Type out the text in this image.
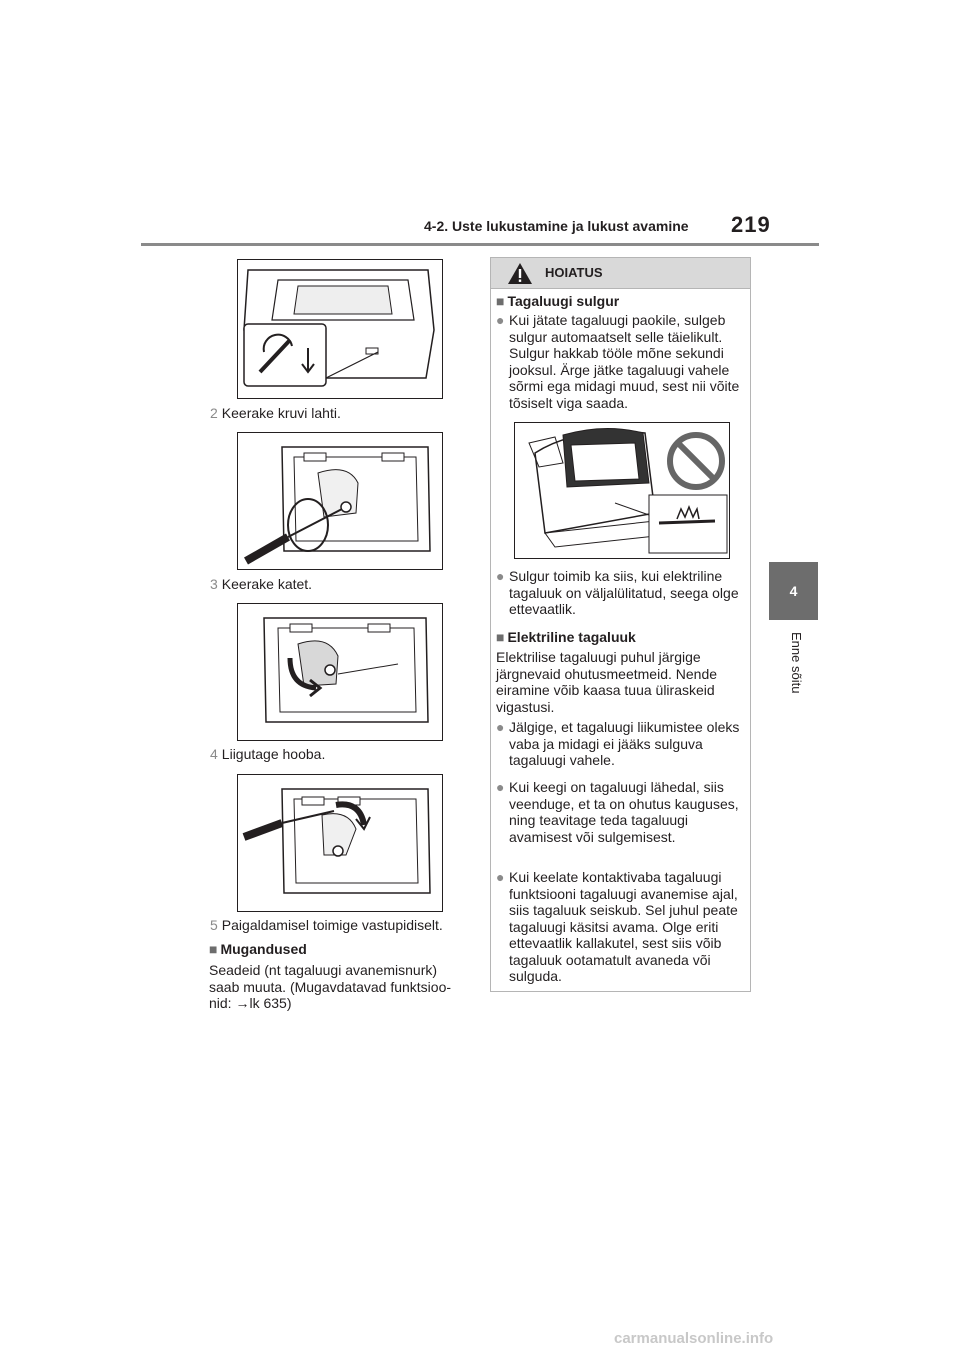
4-2. Uste lukustamine ja lukust avamine 219
4
Enne sõitu
2 Keerake kruvi lahti.
3 Keerake katet.
4 Liigutage hooba.
5 Paigaldamisel toimige vastupidiselt.
■ Mugandused
Seadeid (nt tagaluugi avanemisnurk) saab muuta. (Mugavdatavad funktsioo-nid: →lk 635)
HOIATUS
■ Tagaluugi sulgur
● Kui jätate tagaluugi paokile, sulgeb sulgur automaatselt selle täielikult. Sulgur hakkab tööle mõne sekundi jooksul. Ärge jätke tagaluugi vahele sõrmi ega midagi muud, sest nii võite tõsiselt viga saada.
● Sulgur toimib ka siis, kui elektriline tagaluuk on väljalülitatud, seega olge ettevaatlik.
■ Elektriline tagaluuk
Elektrilise tagaluugi puhul järgige järgnevaid ohutusmeetmeid. Nende eiramine võib kaasa tuua üliraskeid vigastusi.
● Jälgige, et tagaluugi liikumistee oleks vaba ja midagi ei jääks sulguva tagaluugi vahele.
● Kui keegi on tagaluugi lähedal, siis veenduge, et ta on ohutus kauguses, ning teavitage teda tagaluugi avamisest või sulgemisest.
● Kui keelate kontaktivaba tagaluugi funktsiooni tagaluugi avanemise ajal, siis tagaluuk seiskub. Sel juhul peate tagaluugi käsitsi avama. Olge eriti ettevaatlik kallakutel, sest siis võib tagaluuk ootamatult avaneda või sulguda.
carmanualsonline.info
